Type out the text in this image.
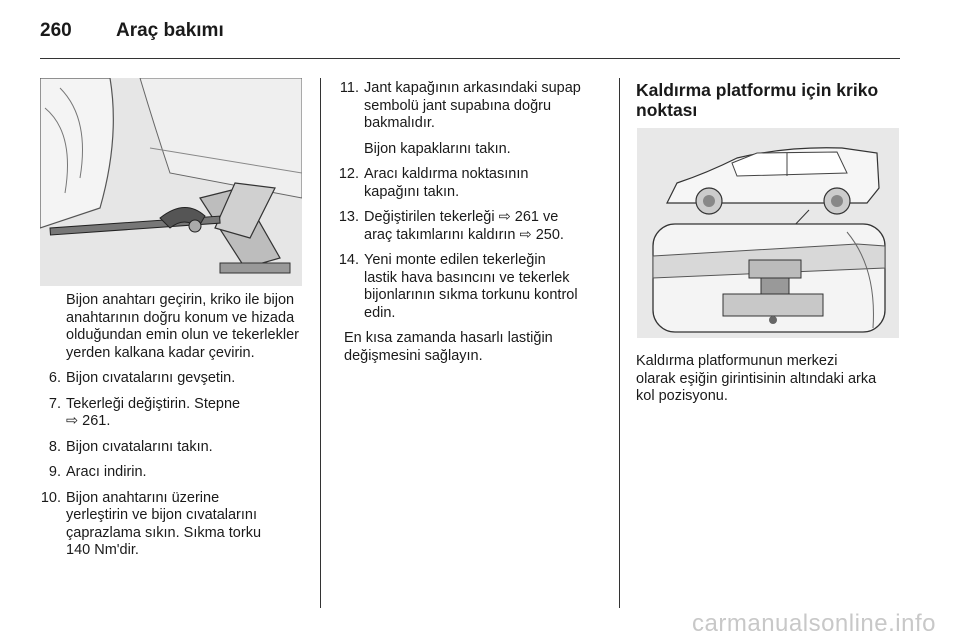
260 Araç bakımı

Bijon anahtarı geçirin, kriko ile bijon anahtarının doğru konum ve hizada olduğundan emin olun ve tekerlekler yerden kalkana kadar çevirin.

6. Bijon cıvatalarını gevşetin.
7. Tekerleği değiştirin. Stepne
⇨ 261.
8. Bijon cıvatalarını takın.
9. Aracı indirin.
10. Bijon anahtarını üzerine
yerleştirin ve bijon cıvatalarını
çaprazlama sıkın. Sıkma torku
140 Nm'dir.
11. Jant kapağının arkasındaki supap
sembolü jant supabına doğru
bakmalıdır.

Bijon kapaklarını takın.

12. Aracı kaldırma noktasının
kapağını takın.
13. Değiştirilen tekerleği ⇨ 261 ve
araç takımlarını kaldırın ⇨ 250.
14. Yeni monte edilen tekerleğin
lastik hava basıncını ve tekerlek
bijonlarının sıkma torkunu kontrol
edin.
En kısa zamanda hasarlı lastiğin
değişmesini sağlayın.
Kaldırma platformu için kriko
noktası
Kaldırma platformunun merkezi
olarak eşiğin girintisinin altındaki arka
kol pozisyonu.
carmanualsonline.info
